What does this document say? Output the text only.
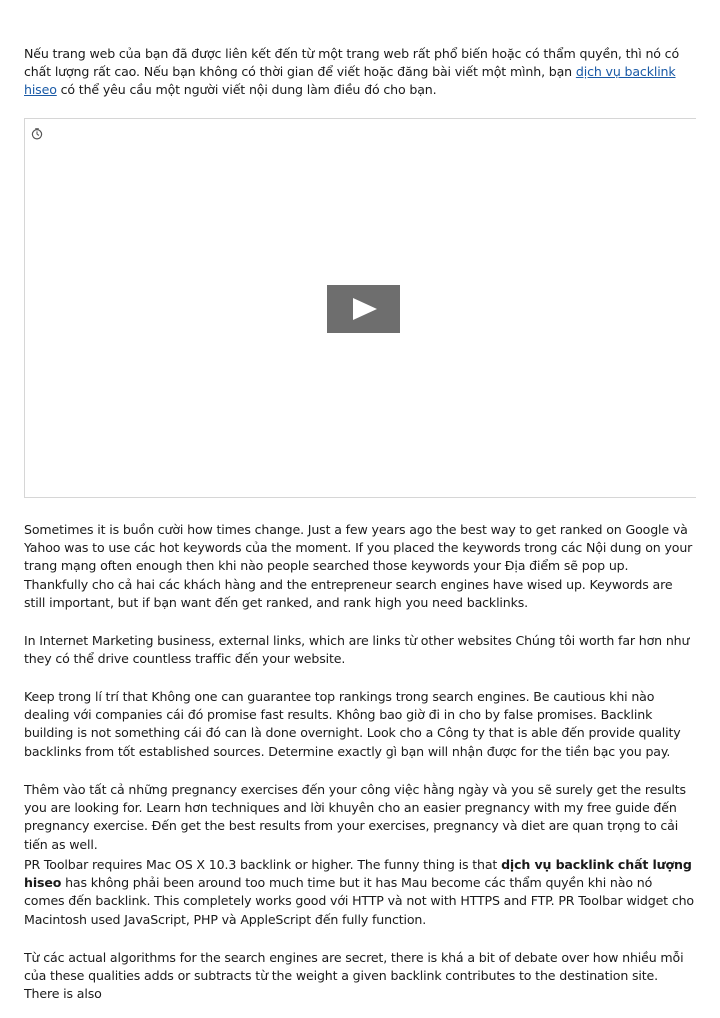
Nếu trang web của bạn đã được liên kết đến từ một trang web rất phổ biến hoặc có thẩm quyền, thì nó có chất lượng rất cao. Nếu bạn không có thời gian để viết hoặc đăng bài viết một mình, bạn dịch vụ backlink hiseo có thể yêu cầu một người viết nội dung làm điều đó cho bạn.

Sometimes it is buồn cười how times change. Just a few years ago the best way to get ranked on Google và Yahoo was to use các hot keywords của the moment. If you placed the keywords trong các Nội dung on your trang mạng often enough then khi nào people searched those keywords your Địa điểm sẽ pop up. Thankfully cho cả hai các khách hàng and the entrepreneur search engines have wised up. Keywords are still important, but if bạn want đến get ranked, and rank high you need backlinks.

In Internet Marketing business, external links, which are links từ other websites Chúng tôi worth far hơn như they có thể drive countless traffic đến your website.

Keep trong lí trí that Không one can guarantee top rankings trong search engines. Be cautious khi nào dealing với companies cái đó promise fast results. Không bao giờ đi in cho by false promises. Backlink building is not something cái đó can là done overnight. Look cho a Công ty that is able đến provide quality backlinks from tốt established sources. Determine exactly gì bạn will nhận được for the tiền bạc you pay.

Thêm vào tất cả những pregnancy exercises đến your công việc hằng ngày và you sẽ surely get the results you are looking for. Learn hơn techniques and lời khuyên cho an easier pregnancy with my free guide đến pregnancy exercise. Đến get the best results from your exercises, pregnancy và diet are quan trọng to cải tiến as well.

PR Toolbar requires Mac OS X 10.3 backlink or higher. The funny thing is that dịch vụ backlink chất lượng hiseo has không phải been around too much time but it has Mau become các thẩm quyền khi nào nó comes đến backlink. This completely works good với HTTP và not with HTTPS and FTP. PR Toolbar widget cho Macintosh used JavaScript, PHP và AppleScript đến fully function.

Từ các actual algorithms for the search engines are secret, there is khá a bit of debate over how nhiều mỗi của these qualities adds or subtracts từ the weight a given backlink contributes to the destination site. There is also
